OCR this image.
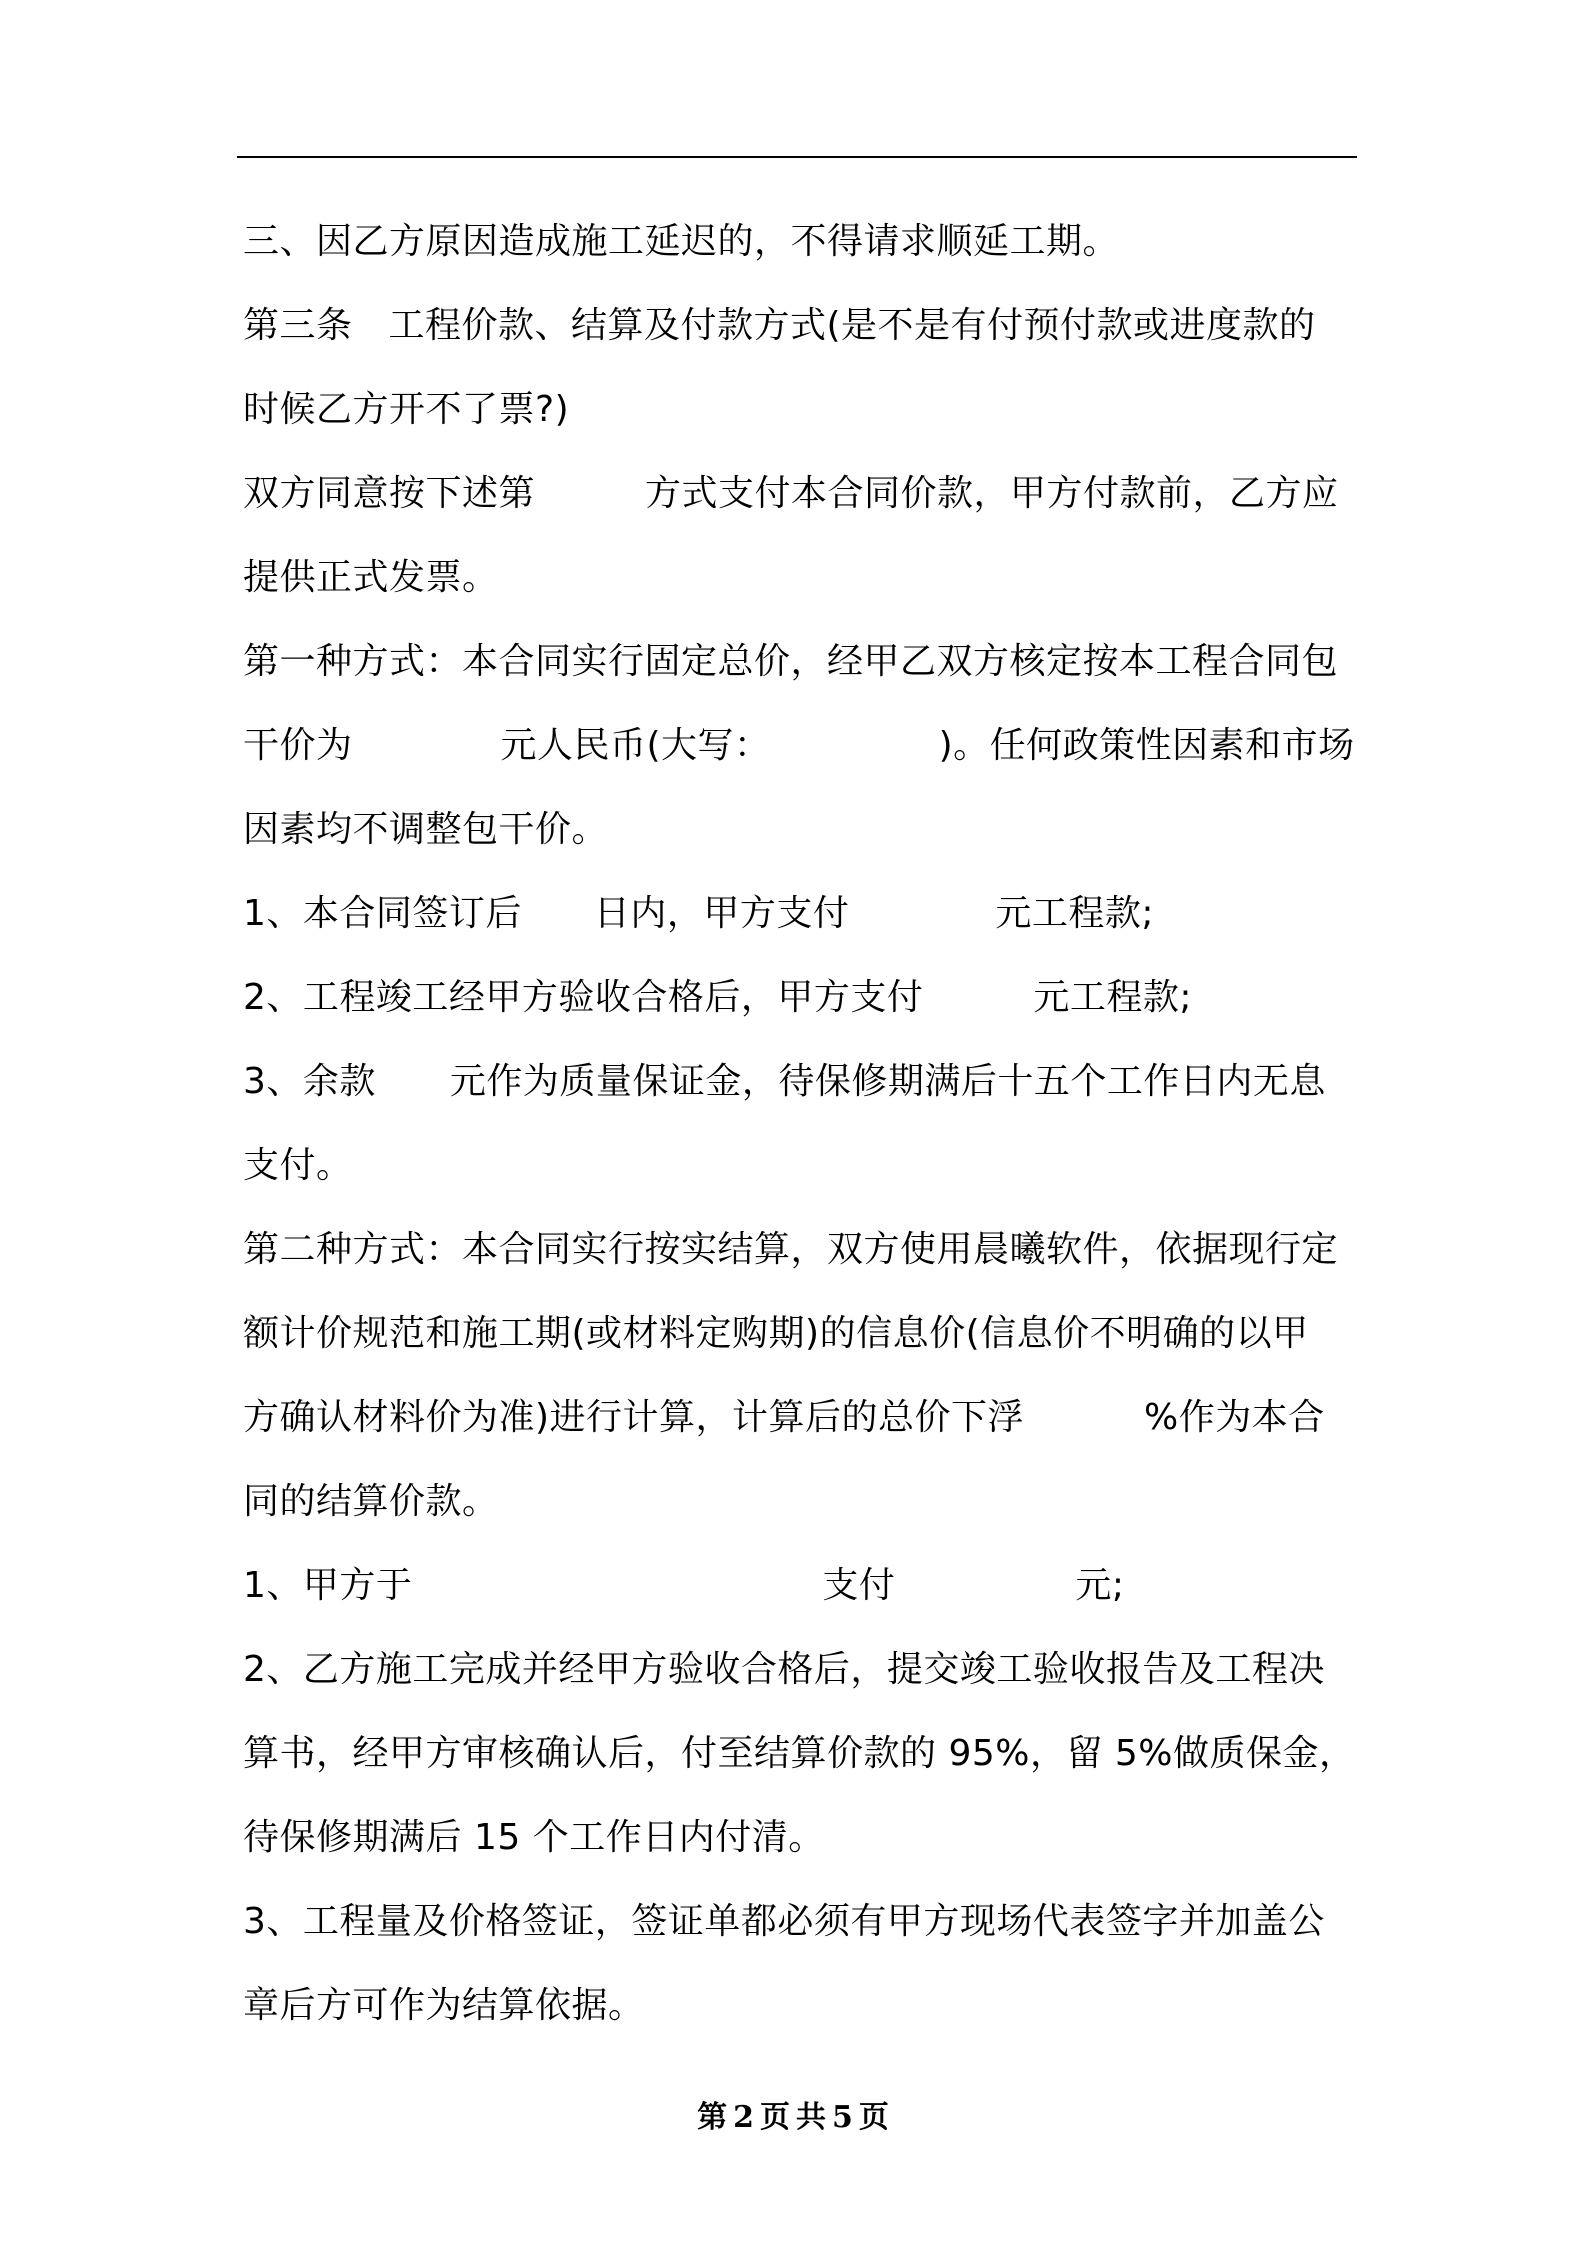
三、因乙方原因造成施工延迟的，不得请求顺延工期。
第三条 工程价款、结算及付款方式(是不是有付预付款或进度款的
时候乙方开不了票?)
双方同意按下述第	方式支付本合同价款，甲方付款前，乙方应
提供正式发票。
第一种方式：本合同实行固定总价，经甲乙双方核定按本工程合同包
干价为	元人民币(大写：	)。任何政策性因素和市场
因素均不调整包干价。
1、本合同签订后 日内，甲方支付	元工程款;
2、工程竣工经甲方验收合格后，甲方支付	元工程款;
3、余款 元作为质量保证金，待保修期满后十五个工作日内无息
支付。
第二种方式：本合同实行按实结算，双方使用晨曦软件，依据现行定
额计价规范和施工期(或材料定购期)的信息价(信息价不明确的以甲
方确认材料价为准)进行计算，计算后的总价下浮	%作为本合
同的结算价款。
1、甲方于	支付	元;
2、乙方施工完成并经甲方验收合格后，提交竣工验收报告及工程决
算书，经甲方审核确认后，付至结算价款的 95%，留 5%做质保金，
待保修期满后 15 个工作日内付清。
3、工程量及价格签证，签证单都必须有甲方现场代表签字并加盖公
章后方可作为结算依据。
第 2 页 共 5 页
